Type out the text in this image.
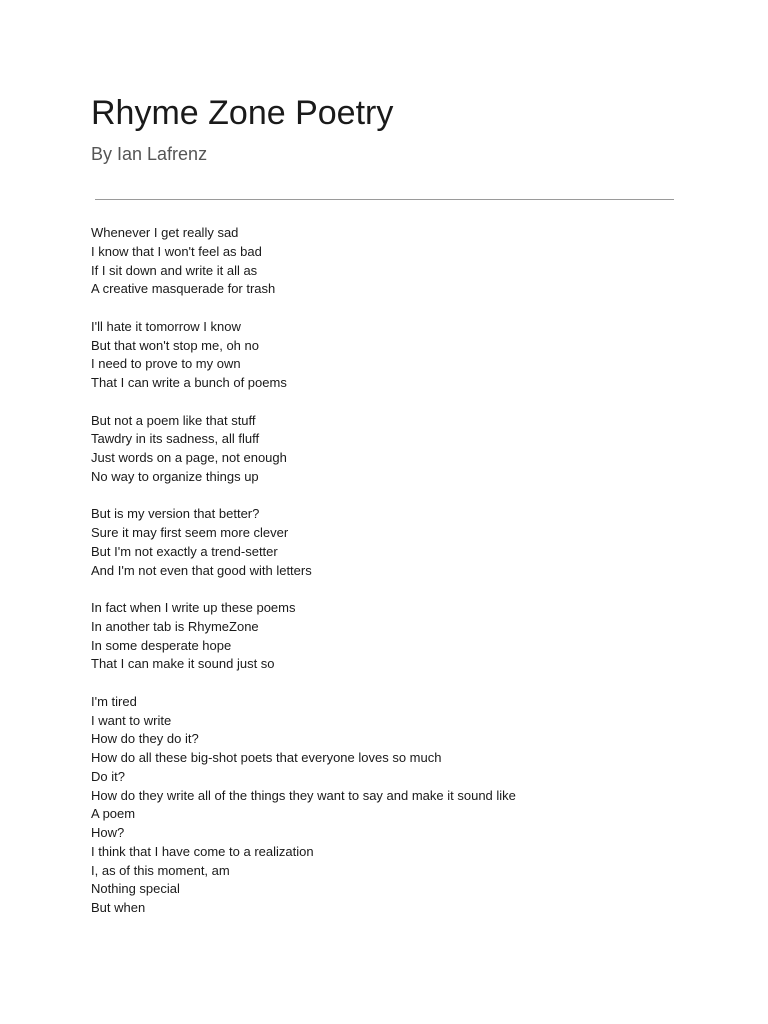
Rhyme Zone Poetry
By Ian Lafrenz
Whenever I get really sad
I know that I won't feel as bad
If I sit down and write it all as
A creative masquerade for trash
I'll hate it tomorrow I know
But that won't stop me, oh no
I need to prove to my own
That I can write a bunch of poems
But not a poem like that stuff
Tawdry in its sadness, all fluff
Just words on a page, not enough
No way to organize things up
But is my version that better?
Sure it may first seem more clever
But I'm not exactly a trend-setter
And I'm not even that good with letters
In fact when I write up these poems
In another tab is RhymeZone
In some desperate hope
That I can make it sound just so
I'm tired
I want to write
How do they do it?
How do all these big-shot poets that everyone loves so much
Do it?
How do they write all of the things they want to say and make it sound like
A poem
How?
I think that I have come to a realization
I, as of this moment, am
Nothing special
But when
